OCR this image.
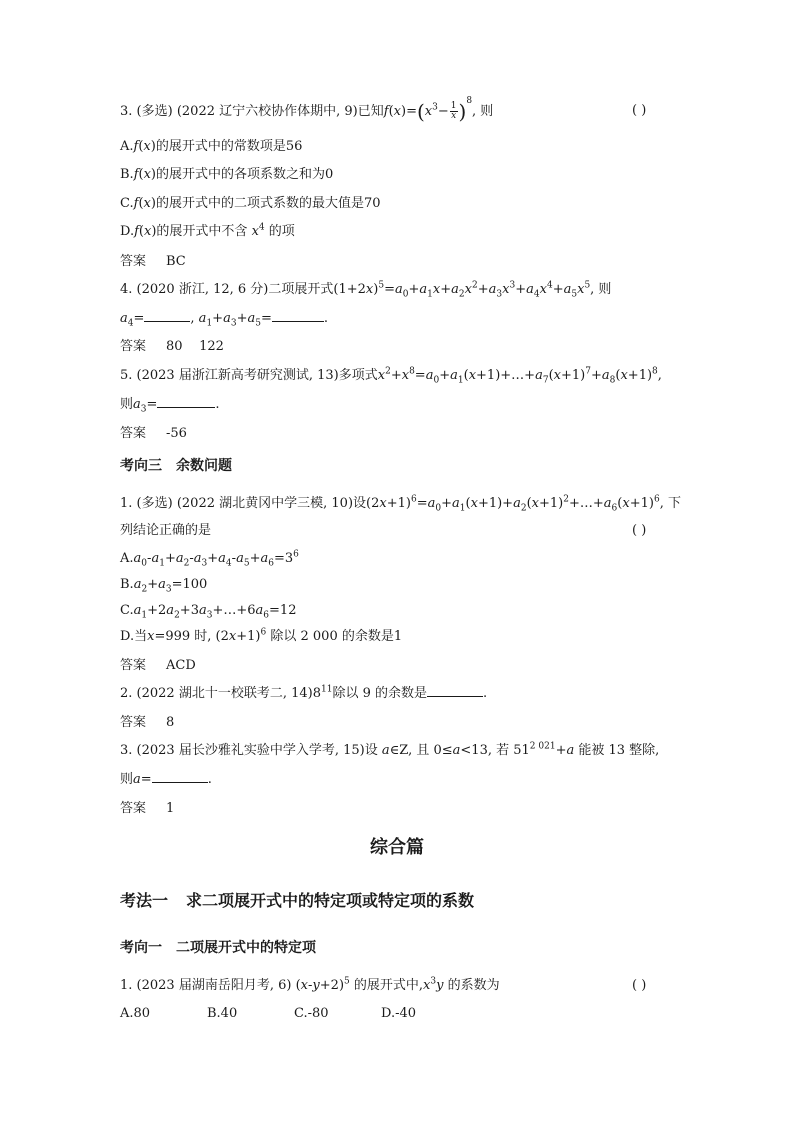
3. (多选) (2022 辽宁六校协作体期中, 9)已知$f(x)=(x^3- \frac{1}{x} )^8$, 则	( )
A.f(x)的展开式中的常数项是56
B.f(x)的展开式中的各项系数之和为0
C.f(x)的展开式中的二项式系数的最大值是70
D.f(x)的展开式中不含 $x^4$ 的项
答案 BC
4. (2020 浙江, 12, 6 分)二项展开式$(1+2x)^5=a_0+a_1x+a_2x^2+a_3x^3+a_4x^4+a_5x^5$, 则
$a_4=$	, $a_1+a_3+a_5=$	.
答案 80    122
5. (2023 届浙江新高考研究测试, 13)多项式$x^2+x^8=a_0+a_1(x+1)+\dots+a_7(x+1)^7+a_8(x+1)^8$,
则$a_3=$	.
答案 -56
考向三 余数问题
1. (多选) (2022 湖北黄冈中学三模, 10)设$(2x+1)^6=a_0+a_1(x+1)+a_2(x+1)^2+\dots+a_6(x+1)^6$, 下
列结论正确的是	( )
$A.a_0-a_1+a_2-a_3+a_4-a_5+a_6=3^6$
$B.a_2+a_3=100$
$C.a_1+2a_2+3a_3+\dots+6a_6=12$
D.当x=999 时, $(2x+1)^6$ 除以 2 000 的余数是1
答案 ACD
2. (2022 湖北十一校联考二, $14)8^{11}$除以 9 的余数是	.
答案 8
3. (2023 届长沙雅礼实验中学入学考, 15)设 a∈Z, 且 0≤a<13, 若 $51^{2 021}+a$ 能被 13 整除,
则a=	.
答案 1
综合篇
考法一 求二项展开式中的特定项或特定项的系数
考向一 二项展开式中的特定项
1. (2023 届湖南岳阳月考, 6) $(x-y+2)^5$ 的展开式中$,x^3y$ 的系数为	( )
A.80	B.40	C.-80	D.-40
